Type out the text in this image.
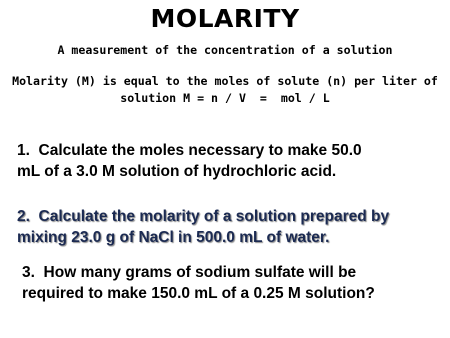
MOLARITY
A measurement of the concentration of a solution
Molarity (M) is equal to the moles of solute (n) per liter of
solution M = n / V  =  mol / L
1.  Calculate the moles necessary to make 50.0
mL of a 3.0 M solution of hydrochloric acid.
2.  Calculate the molarity of a solution prepared by
mixing 23.0 g of NaCl in 500.0 mL of water.
3.  How many grams of sodium sulfate will be
required to make 150.0 mL of a 0.25 M solution?
